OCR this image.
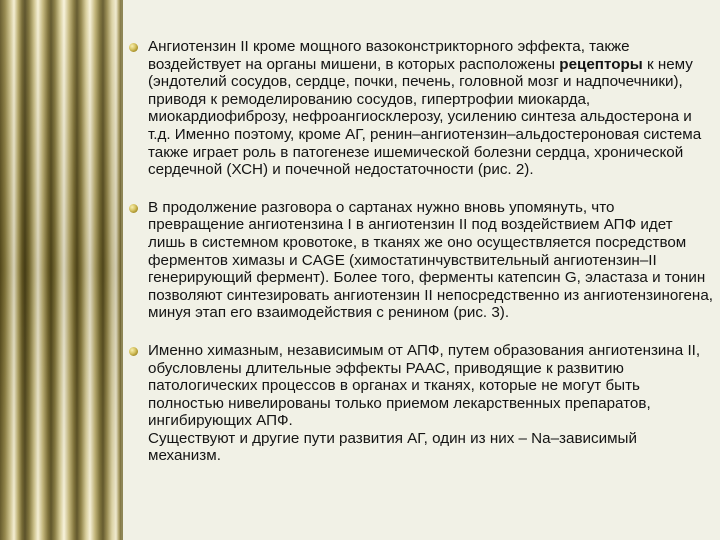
Ангиотензин II кроме мощного вазоконстрикторного эффекта, также воздействует на органы мишени, в которых расположены рецепторы к нему (эндотелий сосудов, сердце, почки, печень, головной мозг и надпочечники), приводя к ремоделированию сосудов, гипертрофии миокарда, миокардиофиброзу, нефроангиосклерозу, усилению синтеза альдостерона и т.д. Именно поэтому, кроме АГ, ренин–ангиотензин–альдостероновая система также играет роль в патогенезе ишемической болезни сердца, хронической сердечной (ХСН) и почечной недостаточности (рис. 2).
В продолжение разговора о сартанах нужно вновь упомянуть, что превращение ангиотензина I в ангиотензин II под воздействием АПФ идет лишь в системном кровотоке, в тканях же оно осуществляется посредством ферментов химазы и CAGE (химостатинчувствительный ангиотензин–II генерирующий фермент). Более того, ферменты катепсин G, эластаза и тонин позволяют синтезировать ангиотензин II непосредственно из ангиотензиногена, минуя этап его взаимодействия с ренином (рис. 3).
Именно химазным, независимым от АПФ, путем образования ангиотензина II, обусловлены длительные эффекты РААС, приводящие к развитию патологических процессов в органах и тканях, которые не могут быть полностью нивелированы только приемом лекарственных препаратов, ингибирующих АПФ.
Существуют и другие пути развития АГ, один из них – Na–зависимый механизм.
